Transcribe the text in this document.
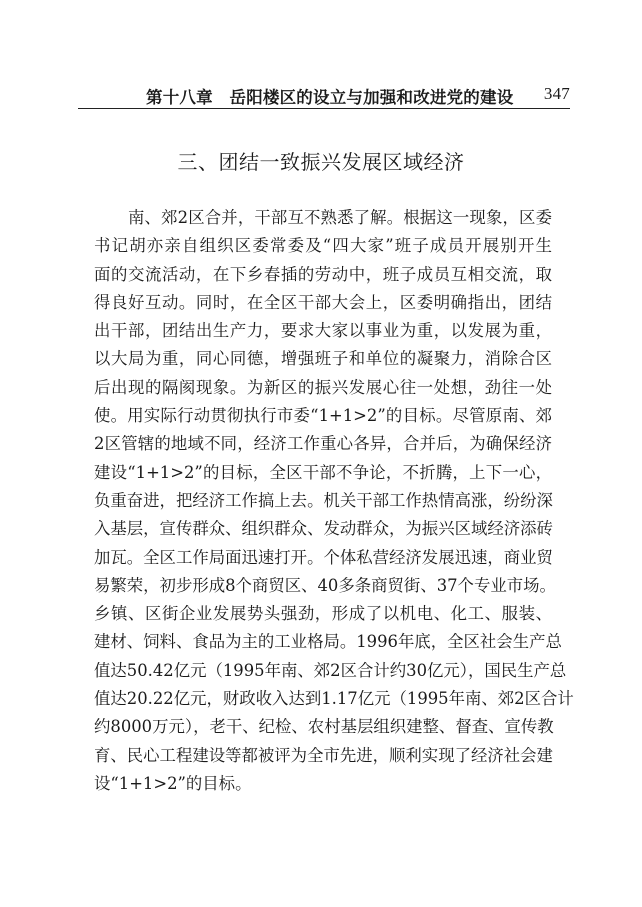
第十八章　岳阳楼区的设立与加强和改进党的建设 347
三、团结一致振兴发展区域经济
南、郊2区合并，干部互不熟悉了解。根据这一现象，区委
书记胡亦亲自组织区委常委及“四大家”班子成员开展别开生
面的交流活动，在下乡春插的劳动中，班子成员互相交流，取
得良好互动。同时，在全区干部大会上，区委明确指出，团结
出干部，团结出生产力，要求大家以事业为重，以发展为重，
以大局为重，同心同德，增强班子和单位的凝聚力，消除合区
后出现的隔阂现象。为新区的振兴发展心往一处想，劲往一处
使。用实际行动贯彻执行市委“1+1>2”的目标。尽管原南、郊
2区管辖的地域不同，经济工作重心各异，合并后，为确保经济
建设“1+1>2”的目标，全区干部不争论，不折腾，上下一心，
负重奋进，把经济工作搞上去。机关干部工作热情高涨，纷纷深
入基层，宣传群众、组织群众、发动群众，为振兴区域经济添砖
加瓦。全区工作局面迅速打开。个体私营经济发展迅速，商业贸
易繁荣，初步形成8个商贸区、40多条商贸街、37个专业市场。
乡镇、区街企业发展势头强劲，形成了以机电、化工、服装、
建材、饲料、食品为主的工业格局。1996年底，全区社会生产总
值达50.42亿元（1995年南、郊2区合计约30亿元），国民生产总
值达20.22亿元，财政收入达到1.17亿元（1995年南、郊2区合计
约8000万元），老干、纪检、农村基层组织建整、督查、宣传教
育、民心工程建设等都被评为全市先进，顺利实现了经济社会建
设“1+1>2”的目标。
